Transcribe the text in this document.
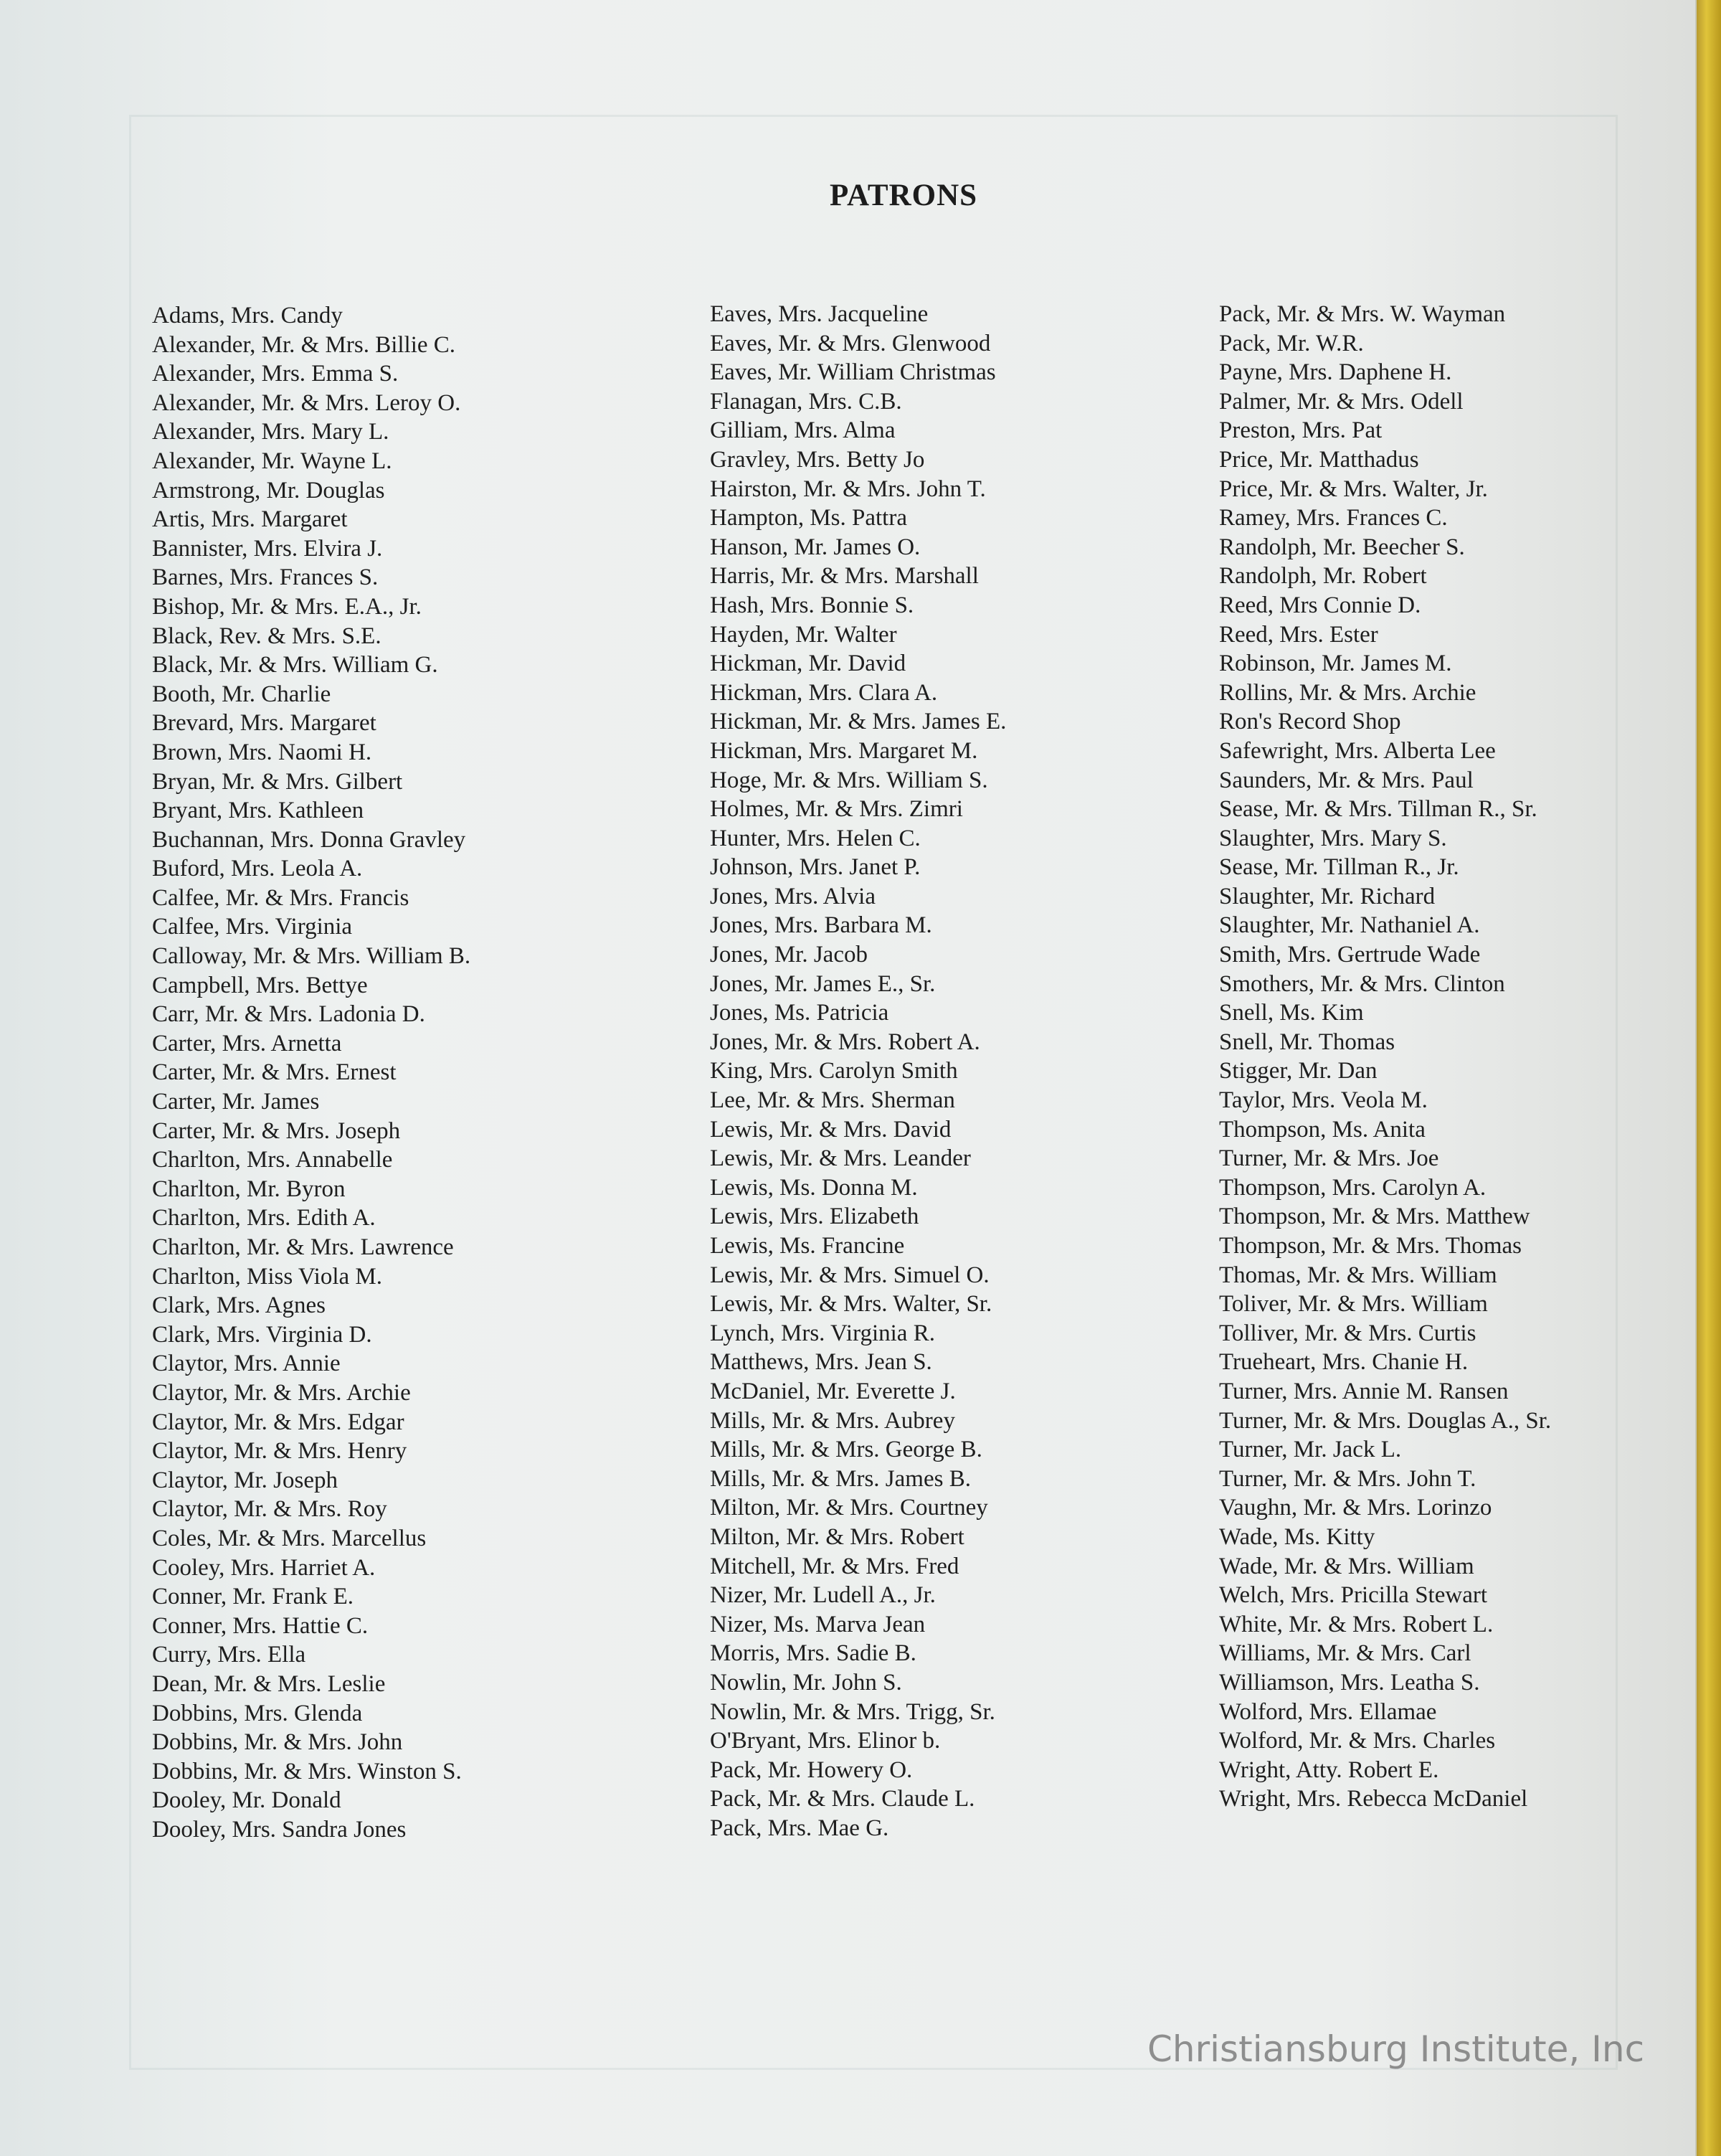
PATRONS
Adams, Mrs. Candy
Alexander, Mr. & Mrs. Billie C.
Alexander, Mrs. Emma S.
Alexander, Mr. & Mrs. Leroy O.
Alexander, Mrs. Mary L.
Alexander, Mr. Wayne L.
Armstrong, Mr. Douglas
Artis, Mrs. Margaret
Bannister, Mrs. Elvira J.
Barnes, Mrs. Frances S.
Bishop, Mr. & Mrs. E.A., Jr.
Black, Rev. & Mrs. S.E.
Black, Mr. & Mrs. William G.
Booth, Mr. Charlie
Brevard, Mrs. Margaret
Brown, Mrs. Naomi H.
Bryan, Mr. & Mrs. Gilbert
Bryant, Mrs. Kathleen
Buchannan, Mrs. Donna Gravley
Buford, Mrs. Leola A.
Calfee, Mr. & Mrs. Francis
Calfee, Mrs. Virginia
Calloway, Mr. & Mrs. William B.
Campbell, Mrs. Bettye
Carr, Mr. & Mrs. Ladonia D.
Carter, Mrs. Arnetta
Carter, Mr. & Mrs. Ernest
Carter, Mr. James
Carter, Mr. & Mrs. Joseph
Charlton, Mrs. Annabelle
Charlton, Mr. Byron
Charlton, Mrs. Edith A.
Charlton, Mr. & Mrs. Lawrence
Charlton, Miss Viola M.
Clark, Mrs. Agnes
Clark, Mrs. Virginia D.
Claytor, Mrs. Annie
Claytor, Mr. & Mrs. Archie
Claytor, Mr. & Mrs. Edgar
Claytor, Mr. & Mrs. Henry
Claytor, Mr. Joseph
Claytor, Mr. & Mrs. Roy
Coles, Mr. & Mrs. Marcellus
Cooley, Mrs. Harriet A.
Conner, Mr. Frank E.
Conner, Mrs. Hattie C.
Curry, Mrs. Ella
Dean, Mr. & Mrs. Leslie
Dobbins, Mrs. Glenda
Dobbins, Mr. & Mrs. John
Dobbins, Mr. & Mrs. Winston S.
Dooley, Mr. Donald
Dooley, Mrs. Sandra Jones
Eaves, Mrs. Jacqueline
Eaves, Mr. & Mrs. Glenwood
Eaves, Mr. William Christmas
Flanagan, Mrs. C.B.
Gilliam, Mrs. Alma
Gravley, Mrs. Betty Jo
Hairston, Mr. & Mrs. John T.
Hampton, Ms. Pattra
Hanson, Mr. James O.
Harris, Mr. & Mrs. Marshall
Hash, Mrs. Bonnie S.
Hayden, Mr. Walter
Hickman, Mr. David
Hickman, Mrs. Clara A.
Hickman, Mr. & Mrs. James E.
Hickman, Mrs. Margaret M.
Hoge, Mr. & Mrs. William S.
Holmes, Mr. & Mrs. Zimri
Hunter, Mrs. Helen C.
Johnson, Mrs. Janet P.
Jones, Mrs. Alvia
Jones, Mrs. Barbara M.
Jones, Mr. Jacob
Jones, Mr. James E., Sr.
Jones, Ms. Patricia
Jones, Mr. & Mrs. Robert A.
King, Mrs. Carolyn Smith
Lee, Mr. & Mrs. Sherman
Lewis, Mr. & Mrs. David
Lewis, Mr. & Mrs. Leander
Lewis, Ms. Donna M.
Lewis, Mrs. Elizabeth
Lewis, Ms. Francine
Lewis, Mr. & Mrs. Simuel O.
Lewis, Mr. & Mrs. Walter, Sr.
Lynch, Mrs. Virginia R.
Matthews, Mrs. Jean S.
McDaniel, Mr. Everette J.
Mills, Mr. & Mrs. Aubrey
Mills, Mr. & Mrs. George B.
Mills, Mr. & Mrs. James B.
Milton, Mr. & Mrs. Courtney
Milton, Mr. & Mrs. Robert
Mitchell, Mr. & Mrs. Fred
Nizer, Mr. Ludell A., Jr.
Nizer, Ms. Marva Jean
Morris, Mrs. Sadie B.
Nowlin, Mr. John S.
Nowlin, Mr. & Mrs. Trigg, Sr.
O'Bryant, Mrs. Elinor b.
Pack, Mr. Howery O.
Pack, Mr. & Mrs. Claude L.
Pack, Mrs. Mae G.
Pack, Mr. & Mrs. W. Wayman
Pack, Mr. W.R.
Payne, Mrs. Daphene H.
Palmer, Mr. & Mrs. Odell
Preston, Mrs. Pat
Price, Mr. Matthadus
Price, Mr. & Mrs. Walter, Jr.
Ramey, Mrs. Frances C.
Randolph, Mr. Beecher S.
Randolph, Mr. Robert
Reed, Mrs Connie D.
Reed, Mrs. Ester
Robinson, Mr. James M.
Rollins, Mr. & Mrs. Archie
Ron's Record Shop
Safewright, Mrs. Alberta Lee
Saunders, Mr. & Mrs. Paul
Sease, Mr. & Mrs. Tillman R., Sr.
Slaughter, Mrs. Mary S.
Sease, Mr. Tillman R., Jr.
Slaughter, Mr. Richard
Slaughter, Mr. Nathaniel A.
Smith, Mrs. Gertrude Wade
Smothers, Mr. & Mrs. Clinton
Snell, Ms. Kim
Snell, Mr. Thomas
Stigger, Mr. Dan
Taylor, Mrs. Veola M.
Thompson, Ms. Anita
Turner, Mr. & Mrs. Joe
Thompson, Mrs. Carolyn A.
Thompson, Mr. & Mrs. Matthew
Thompson, Mr. & Mrs. Thomas
Thomas, Mr. & Mrs. William
Toliver, Mr. & Mrs. William
Tolliver, Mr. & Mrs. Curtis
Trueheart, Mrs. Chanie H.
Turner, Mrs. Annie M. Ransen
Turner, Mr. & Mrs. Douglas A., Sr.
Turner, Mr. Jack L.
Turner, Mr. & Mrs. John T.
Vaughn, Mr. & Mrs. Lorinzo
Wade, Ms. Kitty
Wade, Mr. & Mrs. William
Welch, Mrs. Pricilla Stewart
White, Mr. & Mrs. Robert L.
Williams, Mr. & Mrs. Carl
Williamson, Mrs. Leatha S.
Wolford, Mrs. Ellamae
Wolford, Mr. & Mrs. Charles
Wright, Atty. Robert E.
Wright, Mrs. Rebecca McDaniel
Christiansburg Institute, Inc
